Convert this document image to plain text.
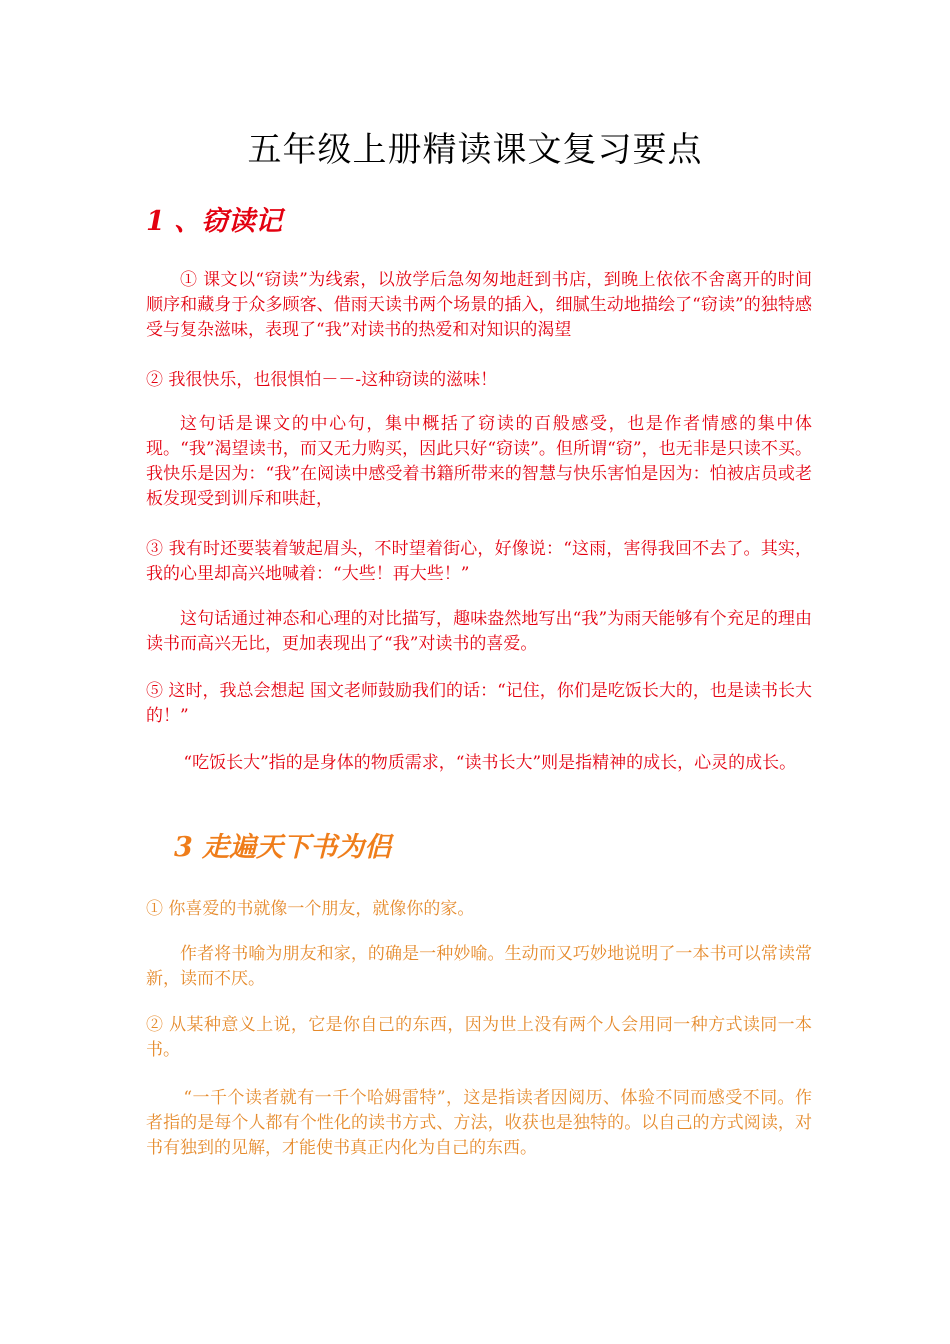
五年级上册精读课文复习要点
1 、窃读记

① 课文以“窃读”为线索，以放学后急匆匆地赶到书店，到晚上依依不舍离开的时间顺序和藏身于众多顾客、借雨天读书两个场景的插入，细腻生动地描绘了“窃读”的独特感受与复杂滋味，表现了“我”对读书的热爱和对知识的渴望

② 我很快乐，也很惧怕－－-这种窃读的滋味！

这句话是课文的中心句，集中概括了窃读的百般感受，也是作者情感的集中体现。“我”渴望读书，而又无力购买，因此只好“窃读”。但所谓“窃”，也无非是只读不买。我快乐是因为：“我”在阅读中感受着书籍所带来的智慧与快乐害怕是因为：怕被店员或老板发现受到训斥和哄赶，

③ 我有时还要装着皱起眉头，不时望着街心，好像说：“这雨，害得我回不去了。其实，我的心里却高兴地喊着：“大些！再大些！”

这句话通过神态和心理的对比描写，趣味盎然地写出“我”为雨天能够有个充足的理由读书而高兴无比，更加表现出了“我”对读书的喜爱。

⑤ 这时，我总会想起 国文老师鼓励我们的话：“记住，你们是吃饭长大的，也是读书长大的！”

“吃饭长大”指的是身体的物质需求，“读书长大”则是指精神的成长，心灵的成长。

3 走遍天下书为侣

① 你喜爱的书就像一个朋友，就像你的家。

作者将书喻为朋友和家，的确是一种妙喻。生动而又巧妙地说明了一本书可以常读常新，读而不厌。

② 从某种意义上说，它是你自己的东西，因为世上没有两个人会用同一种方式读同一本书。

“一千个读者就有一千个哈姆雷特”，这是指读者因阅历、体验不同而感受不同。作者指的是每个人都有个性化的读书方式、方法，收获也是独特的。以自己的方式阅读，对书有独到的见解，才能使书真正内化为自己的东西。
